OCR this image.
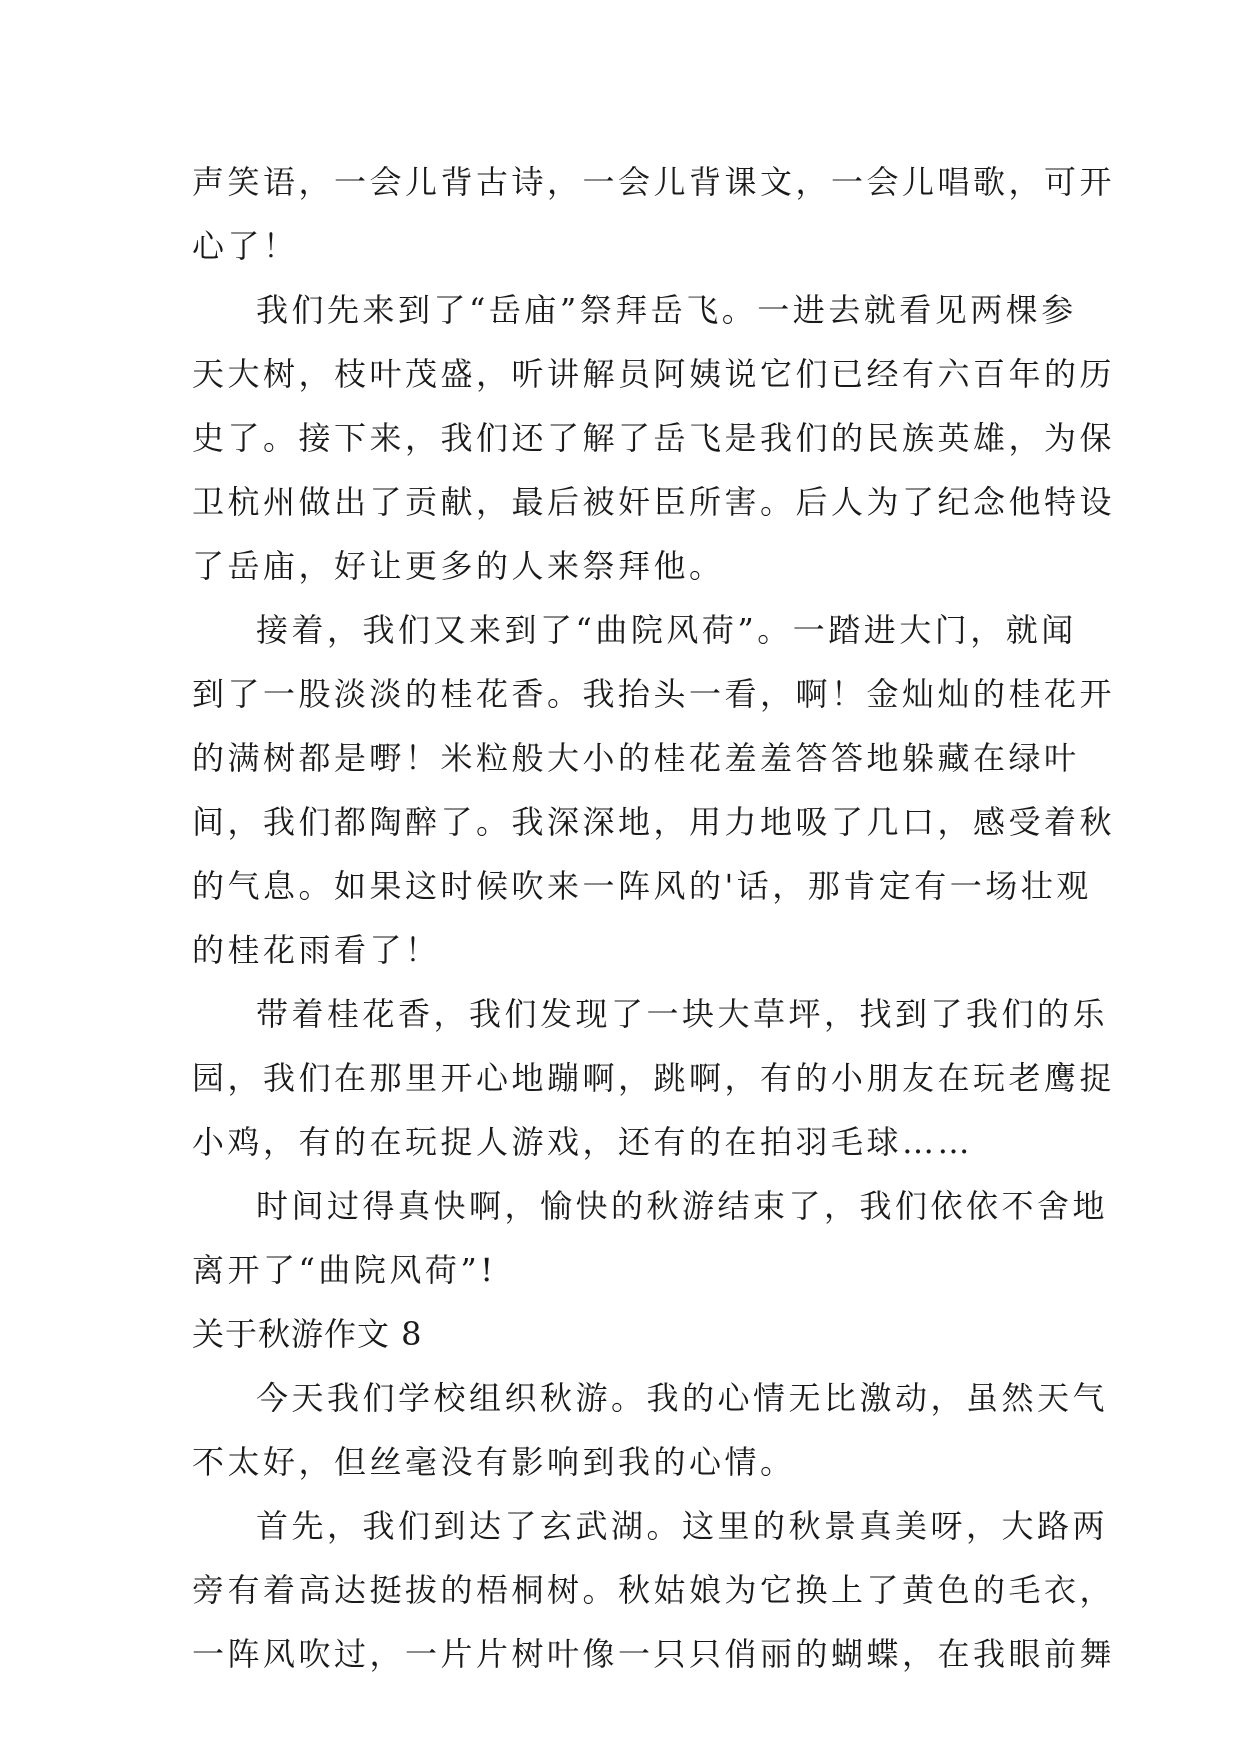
声笑语，一会儿背古诗，一会儿背课文，一会儿唱歌，可开
心了！
我们先来到了“岳庙”祭拜岳飞。一进去就看见两棵参
天大树，枝叶茂盛，听讲解员阿姨说它们已经有六百年的历
史了。接下来，我们还了解了岳飞是我们的民族英雄，为保
卫杭州做出了贡献，最后被奸臣所害。后人为了纪念他特设
了岳庙，好让更多的人来祭拜他。
接着，我们又来到了“曲院风荷”。一踏进大门，就闻
到了一股淡淡的桂花香。我抬头一看，啊！金灿灿的桂花开
的满树都是嘢！米粒般大小的桂花羞羞答答地躲藏在绿叶
间，我们都陶醉了。我深深地，用力地吸了几口，感受着秋
的气息。如果这时候吹来一阵风的'话，那肯定有一场壮观
的桂花雨看了！
带着桂花香，我们发现了一块大草坪，找到了我们的乐
园，我们在那里开心地蹦啊，跳啊，有的小朋友在玩老鹰捉
小鸡，有的在玩捉人游戏，还有的在拍羽毛球……
时间过得真快啊，愉快的秋游结束了，我们依依不舍地
离开了“曲院风荷”!
关于秋游作文 8
今天我们学校组织秋游。我的心情无比激动，虽然天气
不太好，但丝毫没有影响到我的心情。
首先，我们到达了玄武湖。这里的秋景真美呀，大路两
旁有着高达挺拔的梧桐树。秋姑娘为它换上了黄色的毛衣，
一阵风吹过，一片片树叶像一只只俏丽的蝴蝶，在我眼前舞
